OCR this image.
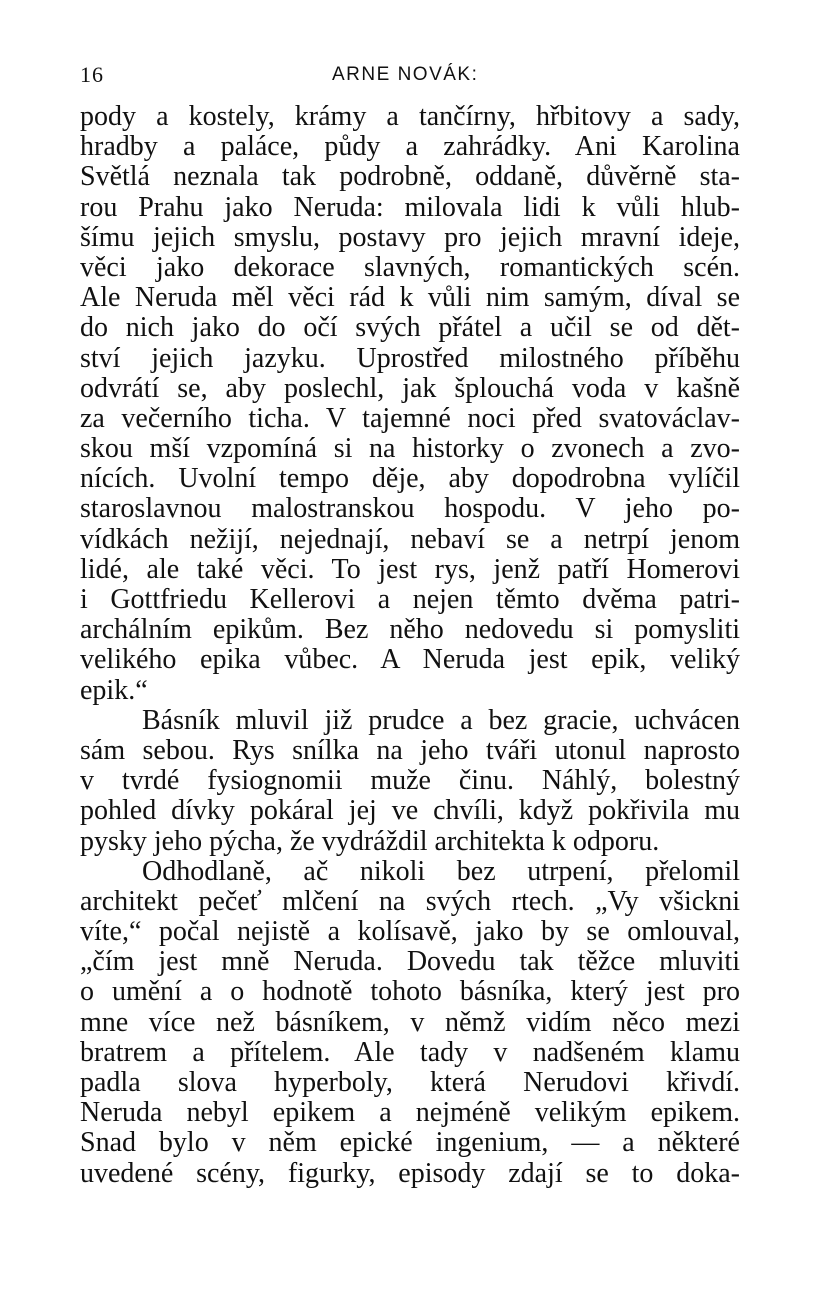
16	ARNE NOVÁK:
pody a kostely, krámy a tančírny, hřbitovy a sady,
hradby a paláce, půdy a zahrádky. Ani Karolina
Světlá neznala tak podrobně, oddaně, důvěrně sta-
rou Prahu jako Neruda: milovala lidi k vůli hlub-
šímu jejich smyslu, postavy pro jejich mravní ideje,
věci jako dekorace slavných, romantických scén.
Ale Neruda měl věci rád k vůli nim samým, díval se
do nich jako do očí svých přátel a učil se od dět-
ství jejich jazyku. Uprostřed milostného příběhu
odvrátí se, aby poslechl, jak šplouchá voda v kašně
za večerního ticha. V tajemné noci před svatováclav-
skou mší vzpomíná si na historky o zvonech a zvo-
nících. Uvolní tempo děje, aby dopodrobna vylíčil
staroslavnou malostranskou hospodu. V jeho po-
vídkách nežijí, nejednají, nebaví se a netrpí jenom
lidé, ale také věci. To jest rys, jenž patří Homerovi
i Gottfriedu Kellerovi a nejen těmto dvěma patri-
archálním epikům. Bez něho nedovedu si pomysliti
velikého epika vůbec. A Neruda jest epik, veliký
epik.“
Básník mluvil již prudce a bez gracie, uchvácen
sám sebou. Rys snílka na jeho tváři utonul naprosto
v tvrdé fysiognomii muže činu. Náhlý, bolestný
pohled dívky pokáral jej ve chvíli, když pokřivila mu
pysky jeho pýcha, že vydráždil architekta k odporu.
Odhodlaně, ač nikoli bez utrpení, přelomil
architekt pečeť mlčení na svých rtech. „Vy všickni
víte,“ počal nejistě a kolísavě, jako by se omlouval,
„čím jest mně Neruda. Dovedu tak těžce mluviti
o umění a o hodnotě tohoto básníka, který jest pro
mne více než básníkem, v němž vidím něco mezi
bratrem a přítelem. Ale tady v nadšeném klamu
padla slova hyperboly, která Nerudovi křivdí.
Neruda nebyl epikem a nejméně velikým epikem.
Snad bylo v něm epické ingenium, — a některé
uvedené scény, figurky, episody zdají se to doka-
